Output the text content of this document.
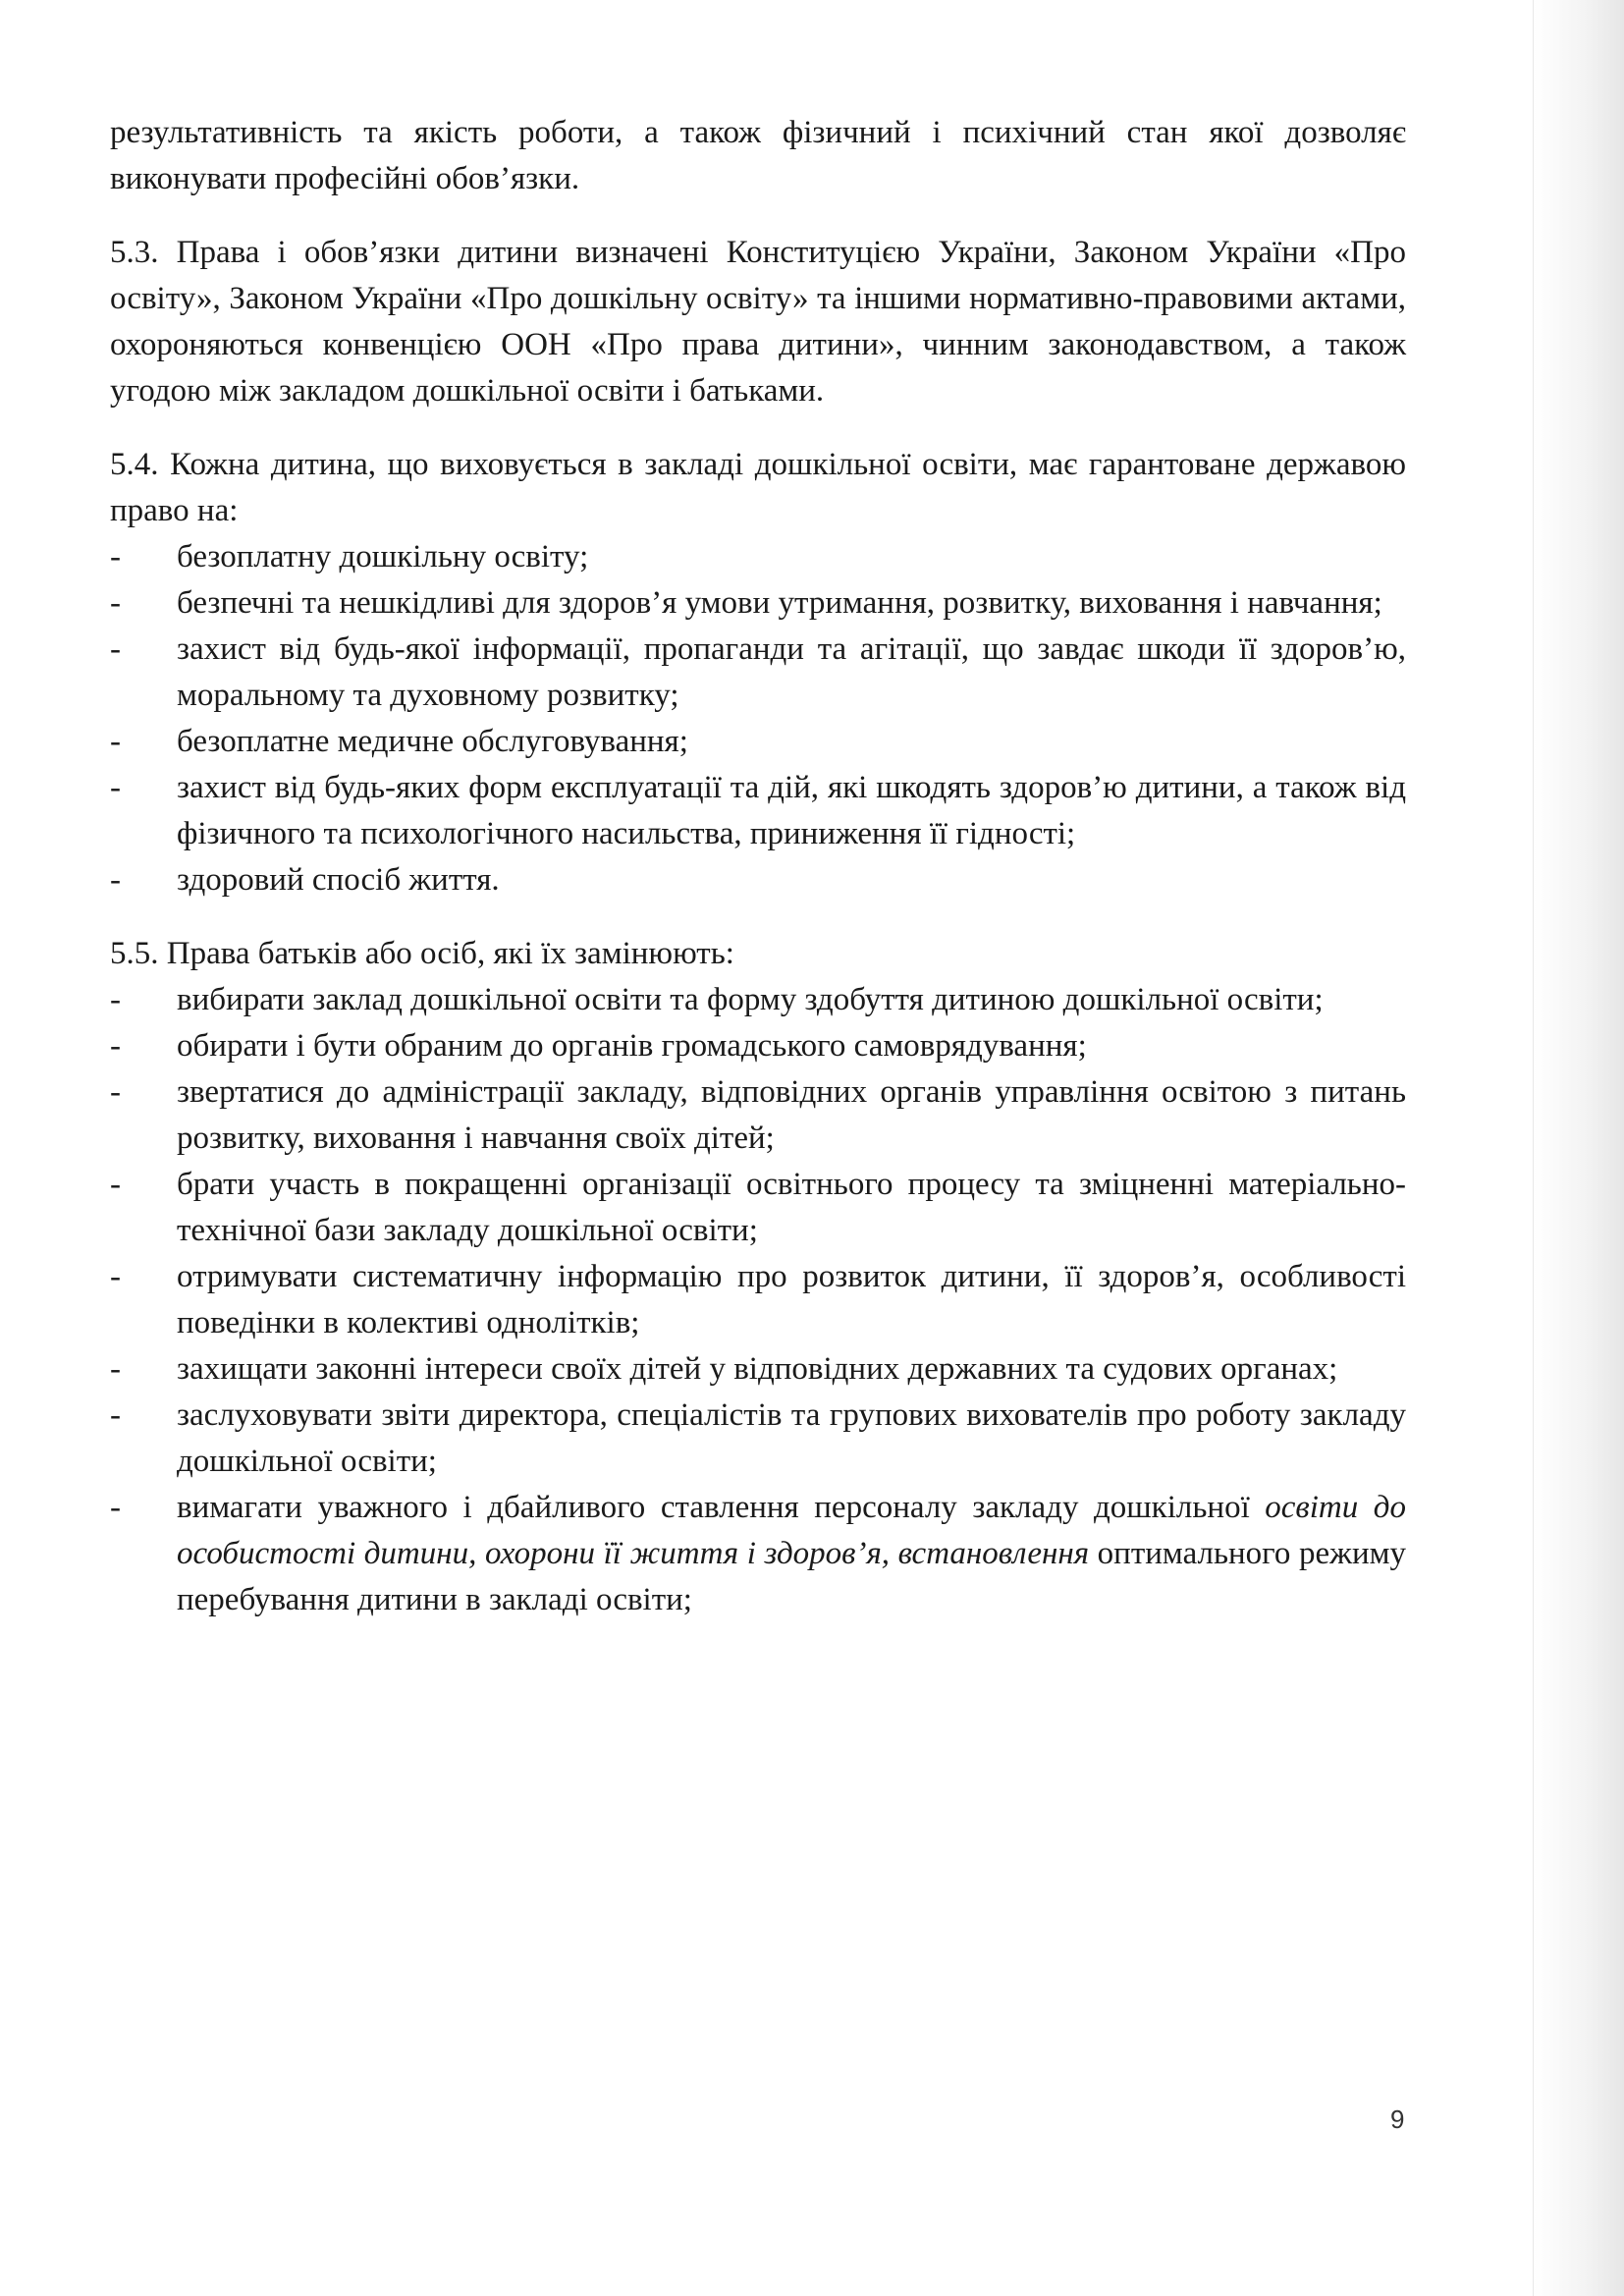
результативність та якість роботи, а також фізичний і психічний стан якої дозволяє виконувати професійні обов’язки.

5.3. Права і обов’язки дитини визначені Конституцією України, Законом України «Про освіту», Законом України «Про дошкільну освіту» та іншими нормативно-правовими актами, охороняються конвенцією ООН «Про права дитини», чинним законодавством, а також угодою між закладом дошкільної освіти і батьками.

5.4. Кожна дитина, що виховується в закладі дошкільної освіти, має гарантоване державою право на:

- безоплатну дошкільну освіту;
- безпечні та нешкідливі для здоров’я умови утримання, розвитку, виховання і навчання;
- захист від будь-якої інформації, пропаганди та агітації, що завдає шкоди її здоров’ю, моральному та духовному розвитку;
- безоплатне медичне обслуговування;
- захист від будь-яких форм експлуатації та дій, які шкодять здоров’ю дитини, а також від фізичного та психологічного насильства, приниження її гідності;
- здоровий спосіб життя.

5.5. Права батьків або осіб, які їх замінюють:

- вибирати заклад дошкільної освіти та форму здобуття дитиною дошкільної освіти;
- обирати і бути обраним до органів громадського самоврядування;
- звертатися до адміністрації закладу, відповідних органів управління освітою з питань розвитку, виховання і навчання своїх дітей;
- брати участь в покращенні організації освітнього процесу та зміцненні матеріально-технічної бази закладу дошкільної освіти;
- отримувати систематичну інформацію про розвиток дитини, її здоров’я, особливості поведінки в колективі однолітків;
- захищати законні інтереси своїх дітей у відповідних державних та судових органах;
- заслуховувати звіти директора, спеціалістів та групових вихователів про роботу закладу дошкільної освіти;
- вимагати уважного і дбайливого ставлення персоналу закладу дошкільної освіти до особистості дитини, охорони її життя і здоров’я, встановлення оптимального режиму перебування дитини в закладі освіти;
9
